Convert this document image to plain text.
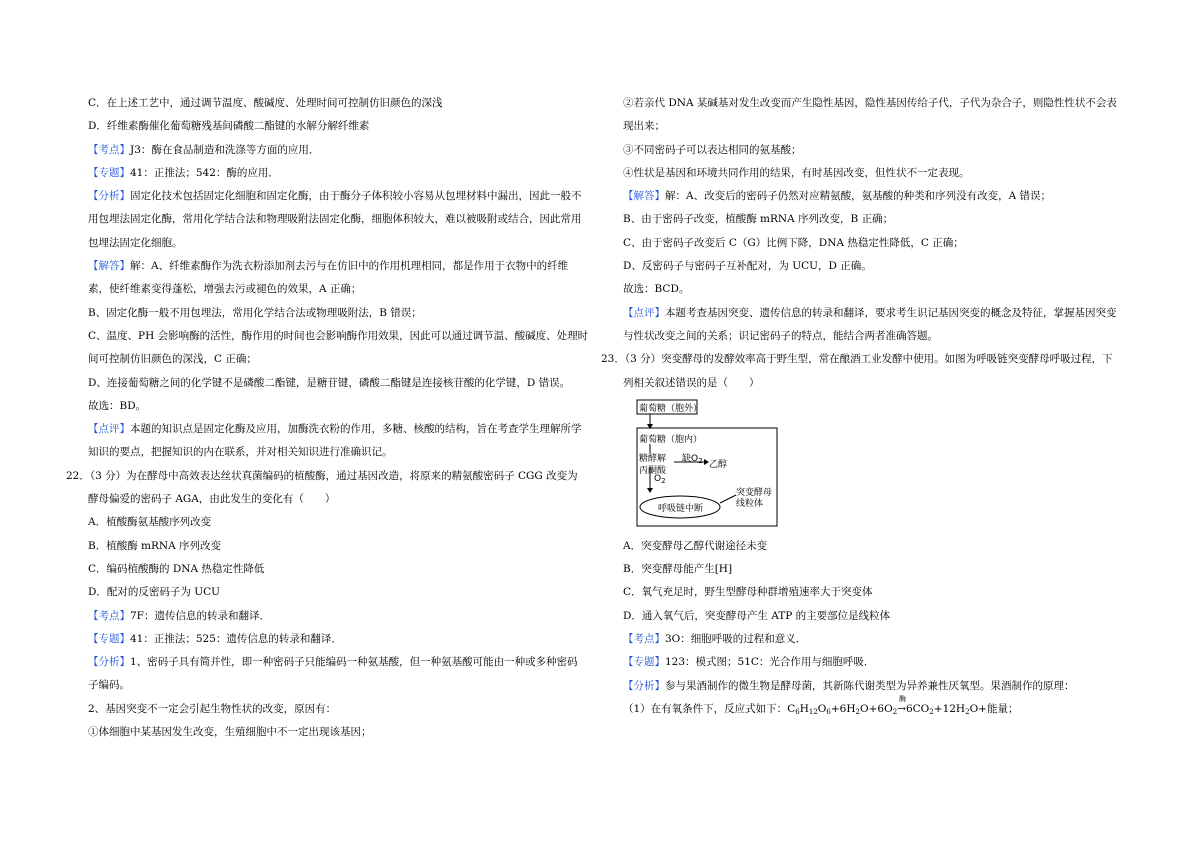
C．在上述工艺中，通过调节温度、酸碱度、处理时间可控制仿旧颜色的深浅
D．纤维素酶催化葡萄糖残基间磷酸二酯键的水解分解纤维素
【考点】J3：酶在食品制造和洗涤等方面的应用．
【专题】41：正推法；542：酶的应用．
【分析】固定化技术包括固定化细胞和固定化酶，由于酶分子体积较小容易从包埋材料中漏出，因此一般不
用包埋法固定化酶，常用化学结合法和物理吸附法固定化酶，细胞体积较大，难以被吸附或结合，因此常用
包埋法固定化细胞。
【解答】解：A、纤维素酶作为洗衣粉添加剂去污与在仿旧中的作用机理相同，都是作用于衣物中的纤维
素，使纤维素变得蓬松，增强去污或褪色的效果，A 正确；
B、固定化酶一般不用包埋法，常用化学结合法或物理吸附法，B 错误；
C、温度、PH 会影响酶的活性，酶作用的时间也会影响酶作用效果，因此可以通过调节温、酸碱度、处理时
间可控制仿旧颜色的深浅，C 正确；
D、连接葡萄糖之间的化学键不是磷酸二酯键，是糖苷键，磷酸二酯键是连接核苷酸的化学键，D 错误。
故选：BD。
【点评】本题的知识点是固定化酶及应用，加酶洗衣粉的作用，多糖、核酸的结构，旨在考查学生理解所学
知识的要点，把握知识的内在联系，并对相关知识进行准确识记。
22．（3 分）为在酵母中高效表达丝状真菌编码的植酸酶，通过基因改造，将原来的精氨酸密码子 CGG 改变为
酵母偏爱的密码子 AGA，由此发生的变化有（　　）
A．植酸酶氨基酸序列改变
B．植酸酶 mRNA 序列改变
C．编码植酸酶的 DNA 热稳定性降低
D．配对的反密码子为 UCU
【考点】7F：遗传信息的转录和翻译．
【专题】41：正推法；525：遗传信息的转录和翻译．
【分析】1、密码子具有简并性，即一种密码子只能编码一种氨基酸，但一种氨基酸可能由一种或多种密码
子编码。
2、基因突变不一定会引起生物性状的改变，原因有：
①体细胞中某基因发生改变，生殖细胞中不一定出现该基因；
②若亲代 DNA 某碱基对发生改变而产生隐性基因，隐性基因传给子代，子代为杂合子，则隐性性状不会表
现出来；
③不同密码子可以表达相同的氨基酸；
④性状是基因和环境共同作用的结果，有时基因改变，但性状不一定表现。
【解答】解：A、改变后的密码子仍然对应精氨酸，氨基酸的种类和序列没有改变，A 错误；
B、由于密码子改变，植酸酶 mRNA 序列改变，B 正确；
C、由于密码子改变后 C（G）比例下降，DNA 热稳定性降低，C 正确；
D、反密码子与密码子互补配对，为 UCU，D 正确。
故选：BCD。
【点评】本题考查基因突变、遗传信息的转录和翻译，要求考生识记基因突变的概念及特征，掌握基因突变
与性状改变之间的关系；识记密码子的特点，能结合两者准确答题。
23．（3 分）突变酵母的发酵效率高于野生型，常在酿酒工业发酵中使用。如图为呼吸链突变酵母呼吸过程，下
列相关叙述错误的是（　　）
葡萄糖（胞外）
葡萄糖（胞内）
糖酵解 缺$O_2$
丙酮酸
乙醇
$O_2$
突变酵母
线粒体
呼吸链中断
A．突变酵母乙醇代谢途径未变
B．突变酵母能产生[H]
C．氧气充足时，野生型酵母种群增殖速率大于突变体
D．通入氧气后，突变酵母产生 ATP 的主要部位是线粒体
【考点】3O：细胞呼吸的过程和意义．
【专题】123：模式图；51C：光合作用与细胞呼吸．
【分析】参与果酒制作的微生物是酵母菌，其新陈代谢类型为异养兼性厌氧型。果酒制作的原理：
（1）在有氧条件下，反应式如下：$C_6H_{12}O_6+6H_2O+6O_2$
酶
$\to 6CO_2+12H_2O+$能量；
